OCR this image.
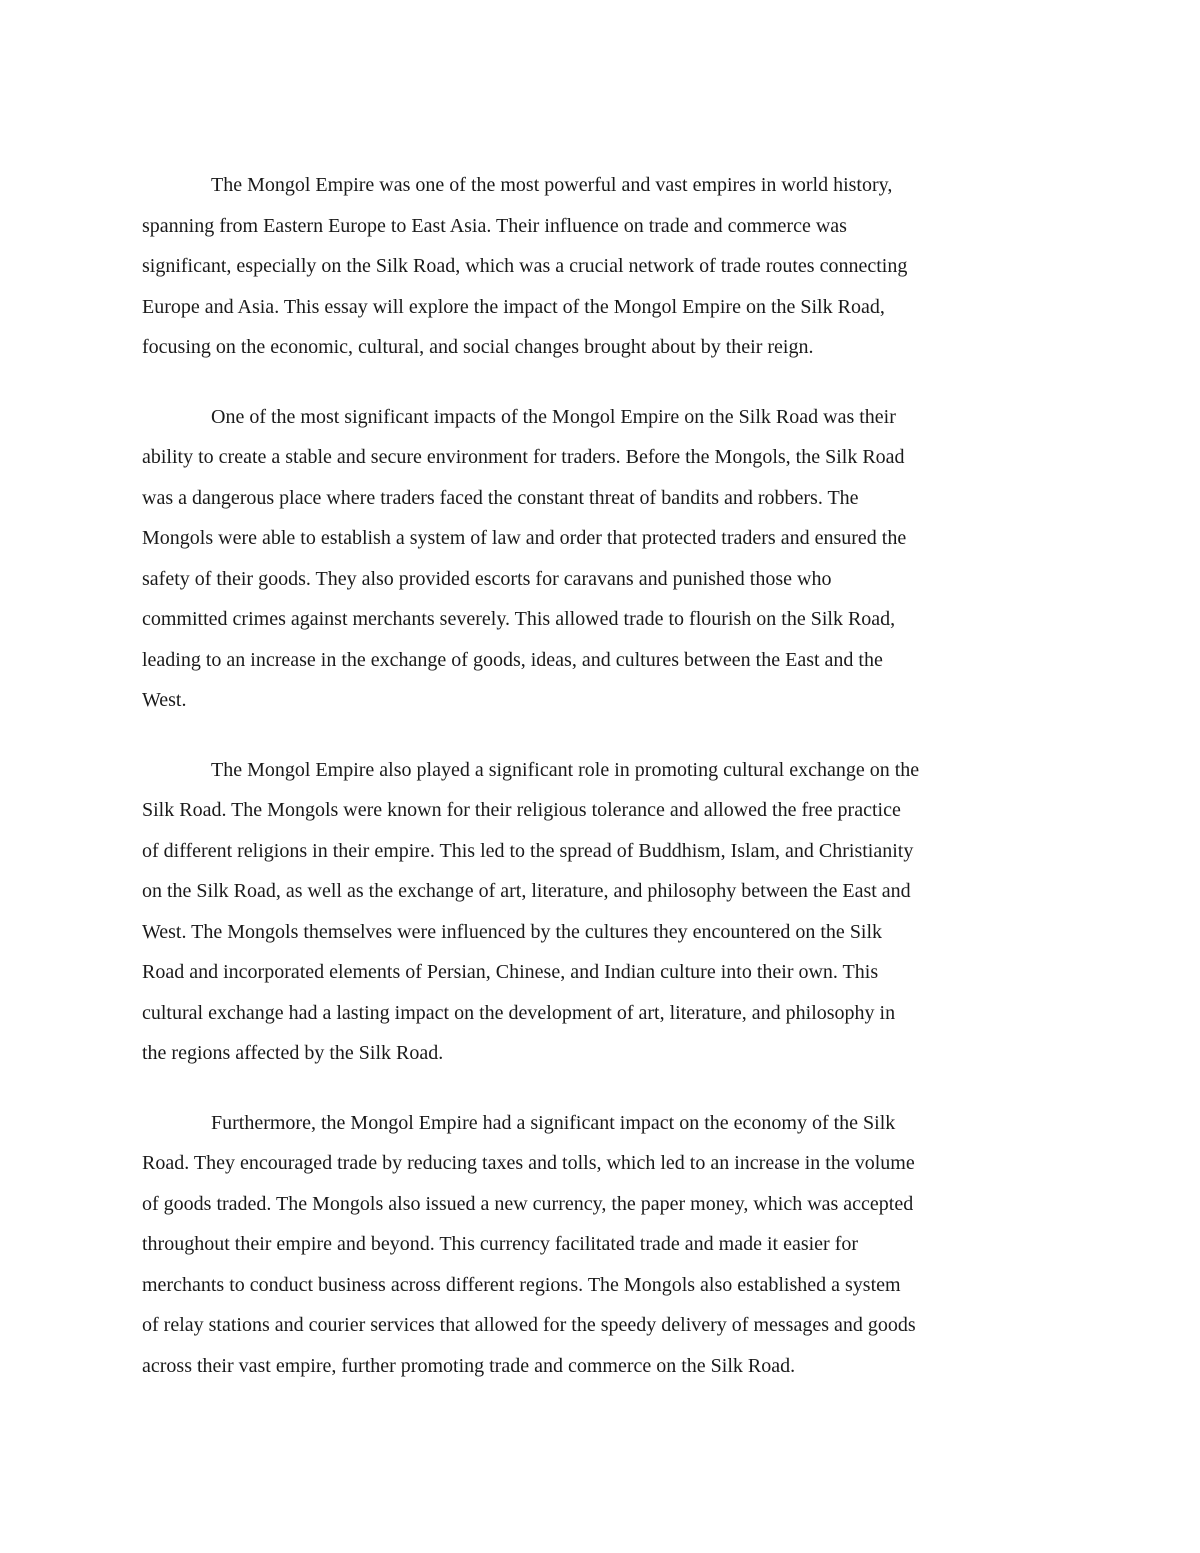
The Mongol Empire was one of the most powerful and vast empires in world history,
spanning from Eastern Europe to East Asia. Their influence on trade and commerce was
significant, especially on the Silk Road, which was a crucial network of trade routes connecting
Europe and Asia. This essay will explore the impact of the Mongol Empire on the Silk Road,
focusing on the economic, cultural, and social changes brought about by their reign.

One of the most significant impacts of the Mongol Empire on the Silk Road was their
ability to create a stable and secure environment for traders. Before the Mongols, the Silk Road
was a dangerous place where traders faced the constant threat of bandits and robbers. The
Mongols were able to establish a system of law and order that protected traders and ensured the
safety of their goods. They also provided escorts for caravans and punished those who
committed crimes against merchants severely. This allowed trade to flourish on the Silk Road,
leading to an increase in the exchange of goods, ideas, and cultures between the East and the
West.

The Mongol Empire also played a significant role in promoting cultural exchange on the
Silk Road. The Mongols were known for their religious tolerance and allowed the free practice
of different religions in their empire. This led to the spread of Buddhism, Islam, and Christianity
on the Silk Road, as well as the exchange of art, literature, and philosophy between the East and
West. The Mongols themselves were influenced by the cultures they encountered on the Silk
Road and incorporated elements of Persian, Chinese, and Indian culture into their own. This
cultural exchange had a lasting impact on the development of art, literature, and philosophy in
the regions affected by the Silk Road.

Furthermore, the Mongol Empire had a significant impact on the economy of the Silk
Road. They encouraged trade by reducing taxes and tolls, which led to an increase in the volume
of goods traded. The Mongols also issued a new currency, the paper money, which was accepted
throughout their empire and beyond. This currency facilitated trade and made it easier for
merchants to conduct business across different regions. The Mongols also established a system
of relay stations and courier services that allowed for the speedy delivery of messages and goods
across their vast empire, further promoting trade and commerce on the Silk Road.
